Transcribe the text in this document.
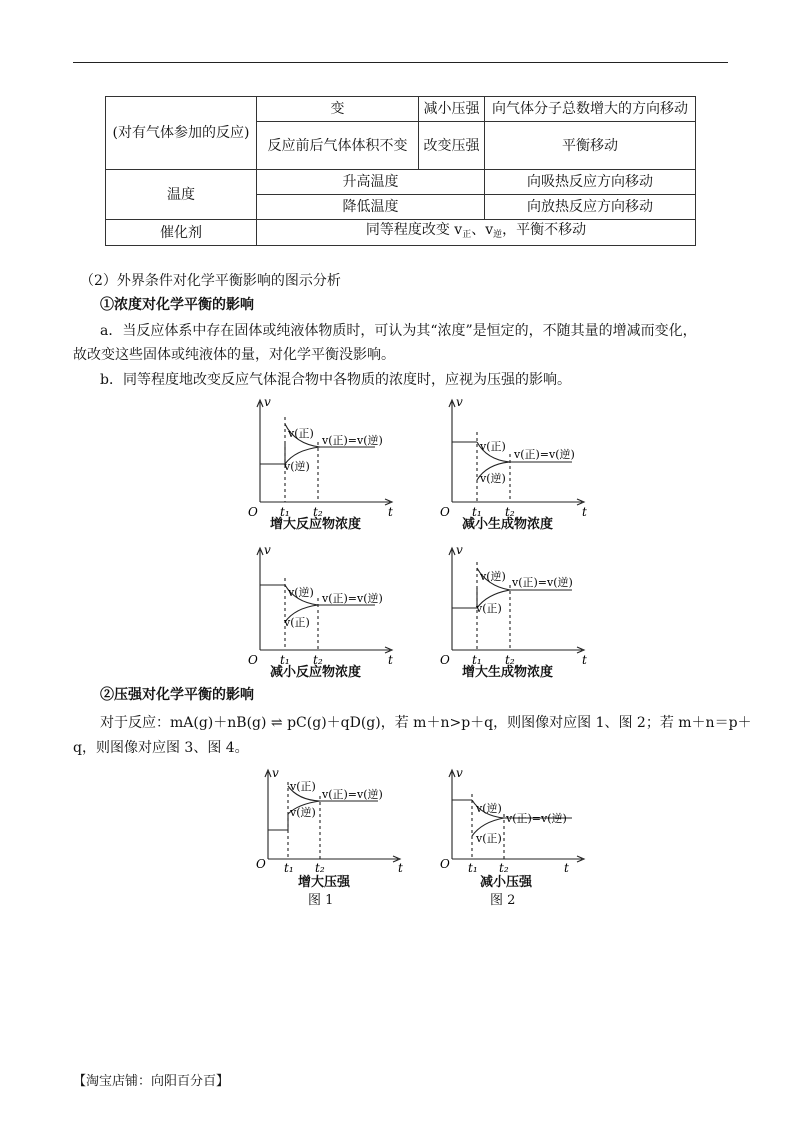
(对有气体参加的反应)	变	减小压强	向气体分子总数增大的方向移动
	反应前后气体体积不变	改变压强	平衡移动

温度	升高温度		向吸热反应方向移动
	降低温度		向放热反应方向移动
催化剂	同等程度改变 $v_正$、$v_逆$，平衡不移动		
（2）外界条件对化学平衡影响的图示分析
①浓度对化学平衡的影响
a．当反应体系中存在固体或纯液体物质时，可认为其“浓度”是恒定的，不随其量的增减而变化，
故改变这些固体或纯液体的量，对化学平衡没影响。
b．同等程度地改变反应气体混合物中各物质的浓度时，应视为压强的影响。
v
t
O t₁ t₂
v(正)
v(逆)
v(正)=v(逆)
增大反应物浓度
v
t
O t₁ t₂
v(正)
v(逆)
v(正)=v(逆)
减小生成物浓度
v
t
O t₁ t₂
v(逆)
v(正)
v(正)=v(逆)
减小反应物浓度
v
t
O t₁ t₂
v(逆)
v(正)
v(正)=v(逆)
增大生成物浓度
②压强对化学平衡的影响
对于反应：mA(g)＋nB(g) ⇌ pC(g)＋qD(g)，若 m＋n>p＋q，则图像对应图 1、图 2；若 m＋n＝p＋
q，则图像对应图 3、图 4。
v
t
O t₁ t₂
v(正)
v(逆)
v(正)=v(逆)
增大压强
图 1
v
t
O t₁ t₂
v(逆)
v(正)
v(正)=v(逆)
减小压强
图 2
【淘宝店铺：向阳百分百】
